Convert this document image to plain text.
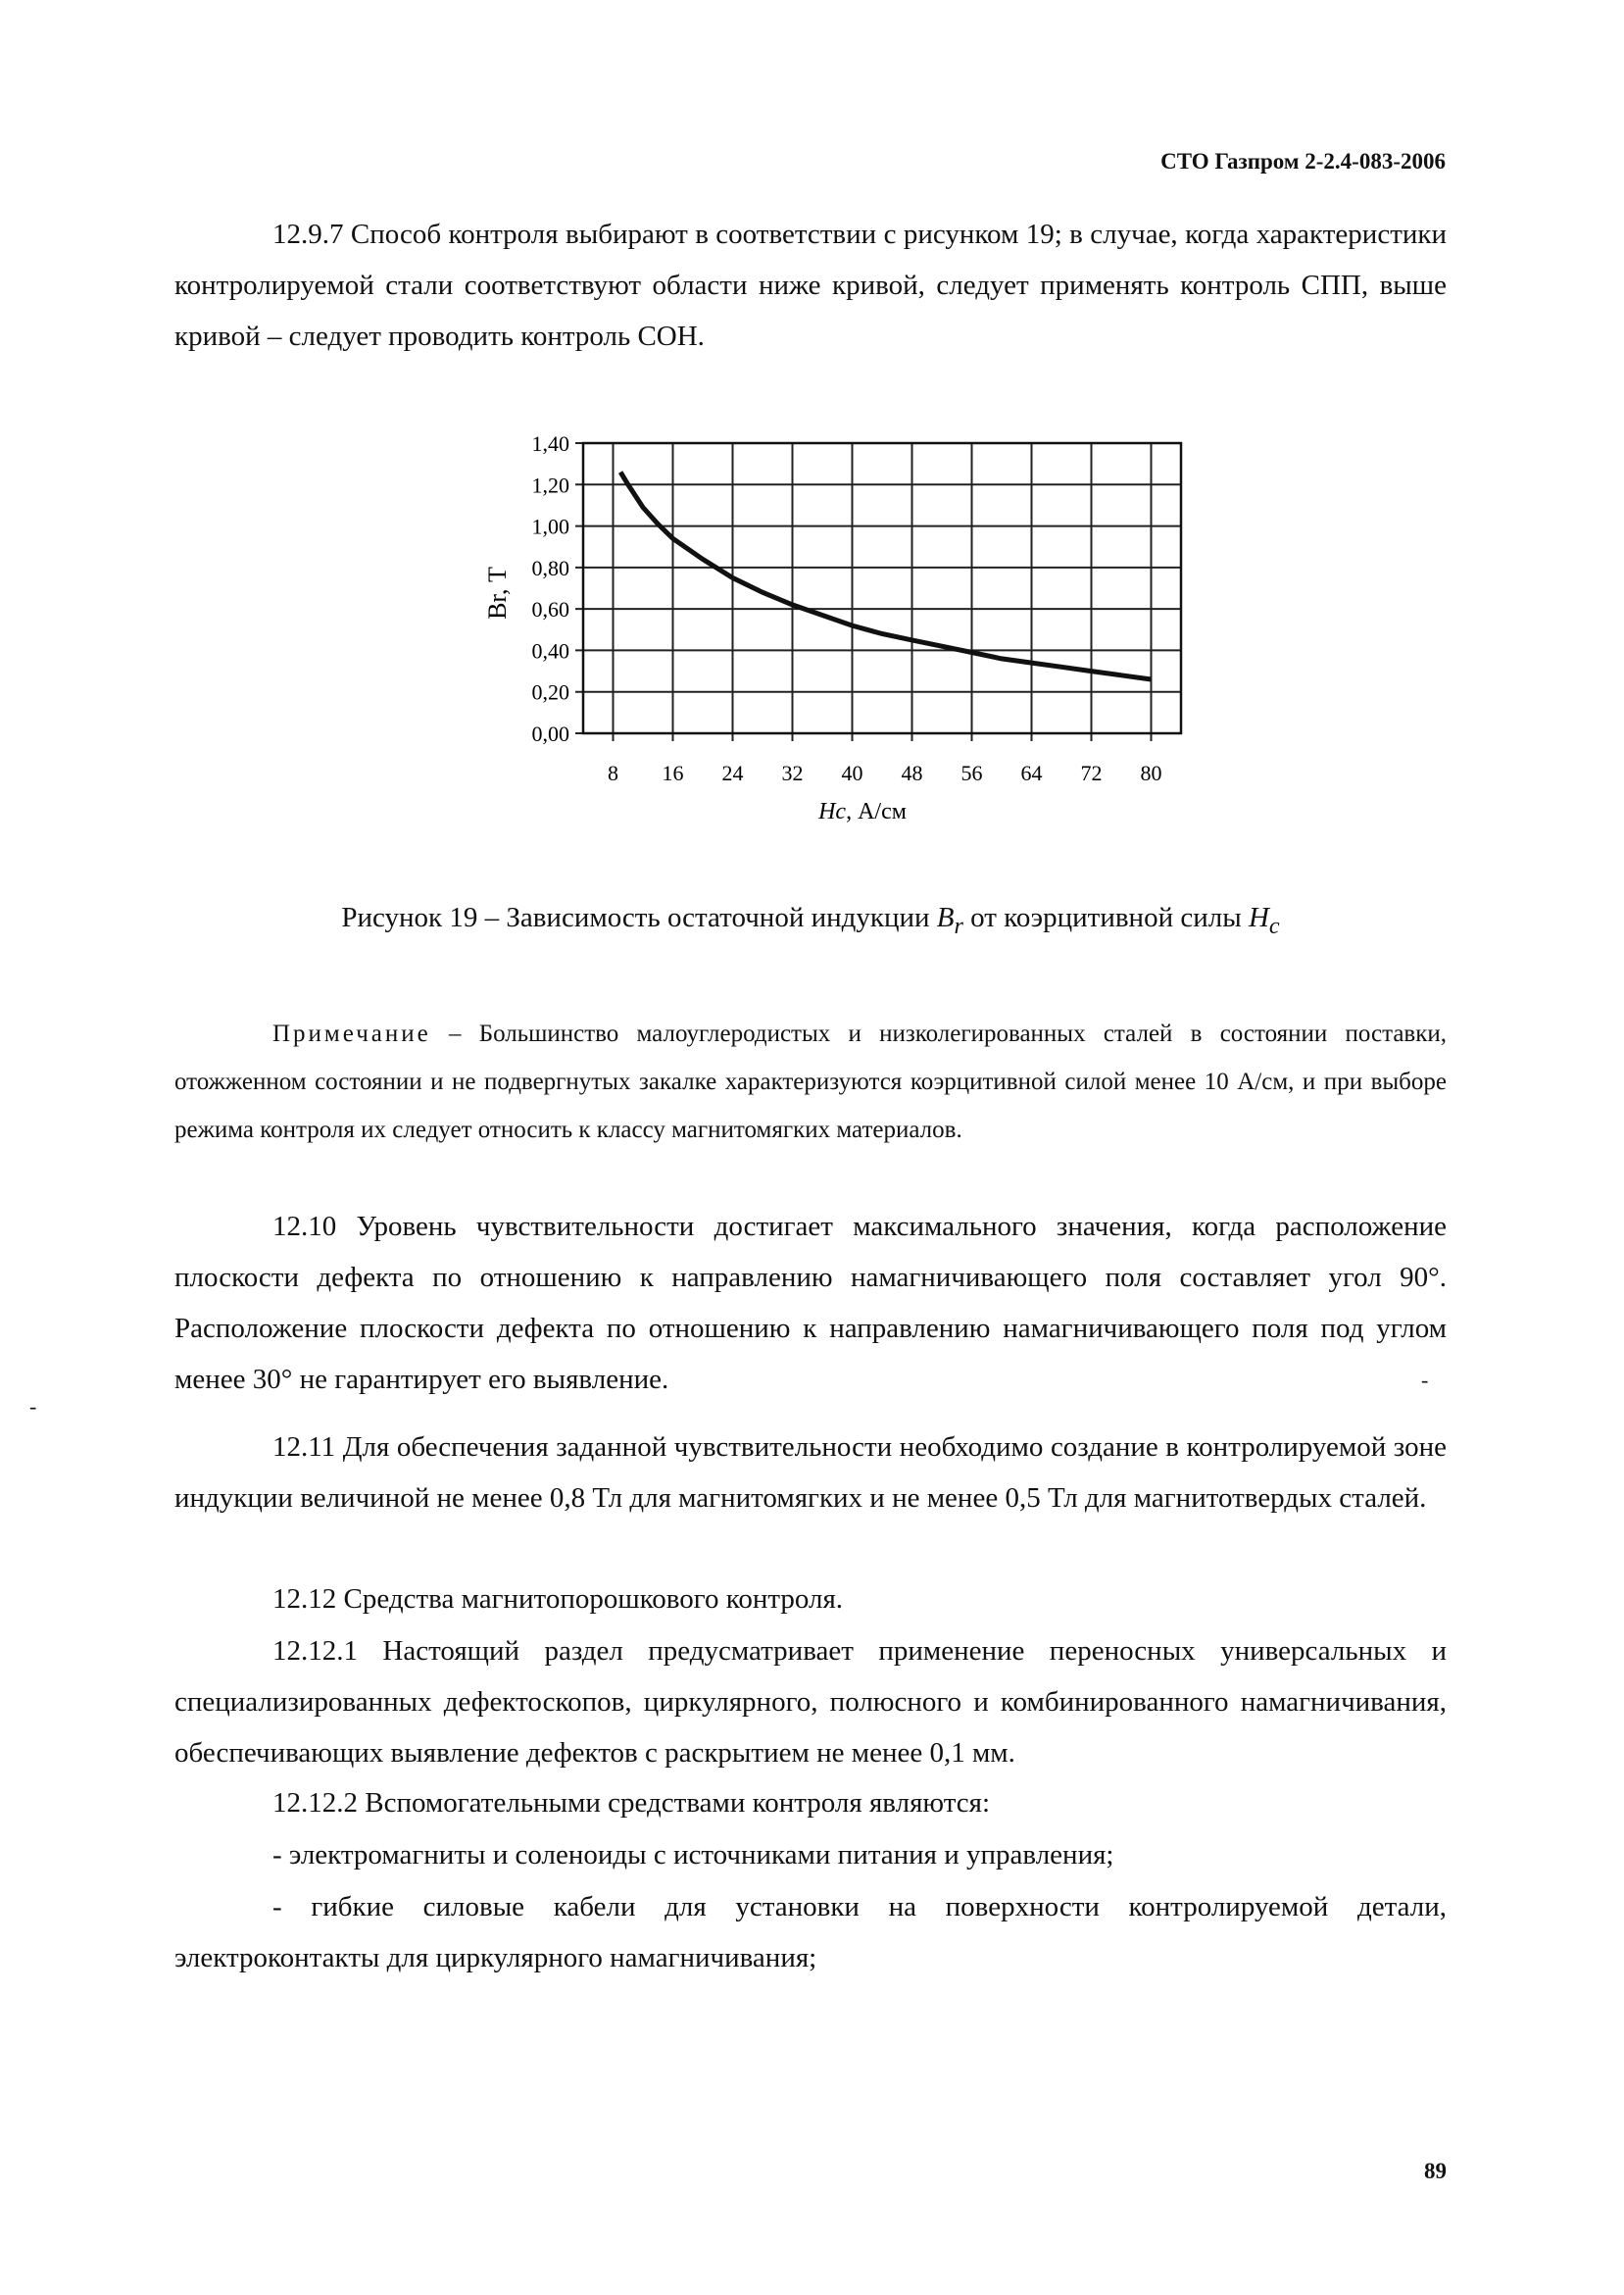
СТО Газпром 2-2.4-083-2006

12.9.7 Способ контроля выбирают в соответствии с рисунком 19; в случае, когда характеристики контролируемой стали соответствуют области ниже кривой, следует применять контроль СПП, выше кривой – следует проводить контроль СОН.

0,00
0,20
0,40
0,60
0,80
1,00
1,20
1,40
8 16 24 32 40 48 56 64 72 80
Br, Т
Hc, А/см
Рисунок 19 – Зависимость остаточной индукции $B_r$ от коэрцитивной силы $H_c$

Примечание – Большинство малоуглеродистых и низколегированных сталей в состоянии поставки, отожженном состоянии и не подвергнутых закалке характеризуются коэрцитивной силой менее 10 А/см, и при выборе режима контроля их следует относить к классу магнитомягких материалов.

12.10 Уровень чувствительности достигает максимального значения, когда расположение плоскости дефекта по отношению к направлению намагничивающего поля составляет угол 90°. Расположение плоскости дефекта по отношению к направлению намагничивающего поля под углом менее 30° не гарантирует его выявление.	-
-

12.11 Для обеспечения заданной чувствительности необходимо создание в контролируемой зоне индукции величиной не менее 0,8 Тл для магнитомягких и не менее 0,5 Тл для магнитотвердых сталей.

12.12 Средства магнитопорошкового контроля.

12.12.1 Настоящий раздел предусматривает применение переносных универсальных и специализированных дефектоскопов, циркулярного, полюсного и комбинированного намагничивания, обеспечивающих выявление дефектов с раскрытием не менее 0,1 мм.

12.12.2 Вспомогательными средствами контроля являются:

- электромагниты и соленоиды с источниками питания и управления;

- гибкие силовые кабели для установки на поверхности контролируемой детали, электроконтакты для циркулярного намагничивания;

89
